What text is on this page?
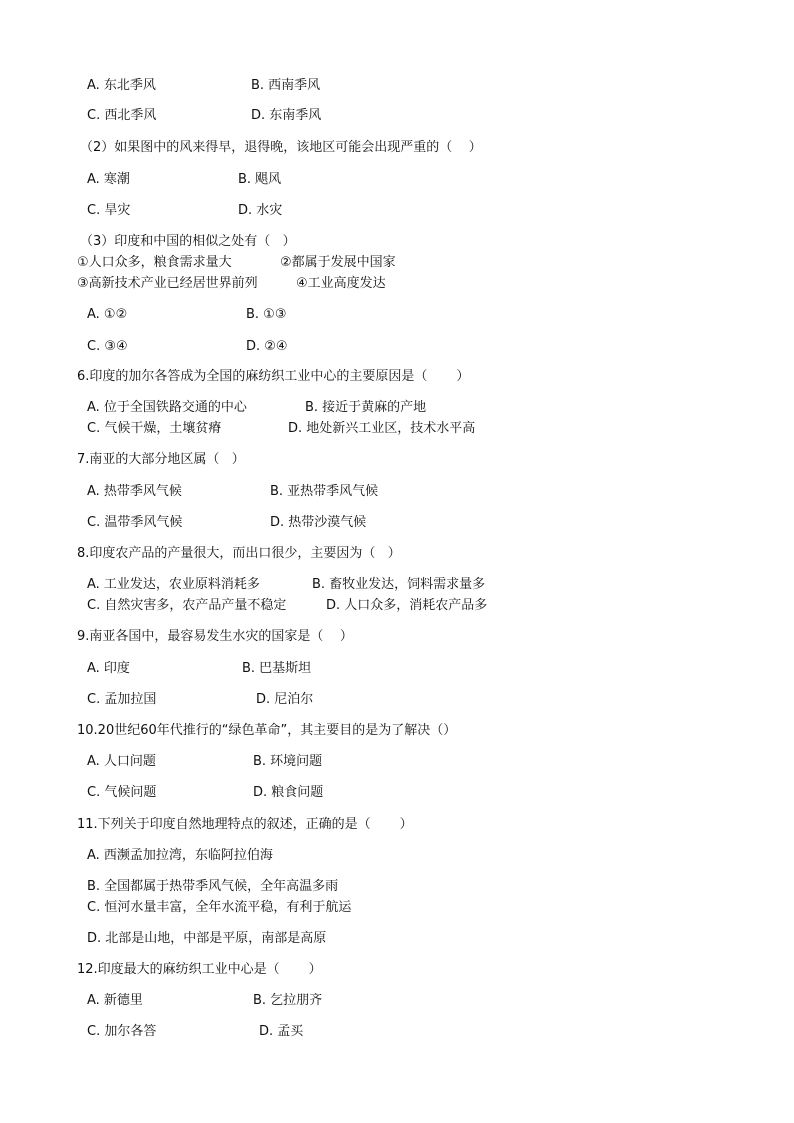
A. 东北季风	B. 西南季风
C. 西北季风	D. 东南季风
（2）如果图中的风来得早，退得晚，该地区可能会出现严重的（    ）
A. 寒潮	B. 飓风
C. 旱灾	D. 水灾
（3）印度和中国的相似之处有（   ）
①人口众多，粮食需求量大	②都属于发展中国家
③高新技术产业已经居世界前列	④工业高度发达
A. ①②	B. ①③
C. ③④	D. ②④
6.印度的加尔各答成为全国的麻纺织工业中心的主要原因是（       ）
A. 位于全国铁路交通的中心	B. 接近于黄麻的产地
C. 气候干燥，土壤贫瘠	D. 地处新兴工业区，技术水平高
7.南亚的大部分地区属（   ）
A. 热带季风气候	B. 亚热带季风气候
C. 温带季风气候	D. 热带沙漠气候
8.印度农产品的产量很大，而出口很少，主要因为（   ）
A. 工业发达，农业原料消耗多	B. 畜牧业发达，饲料需求量多
C. 自然灾害多，农产品产量不稳定	D. 人口众多，消耗农产品多
9.南亚各国中，最容易发生水灾的国家是（    ）
A. 印度	B. 巴基斯坦
C. 孟加拉国	D. 尼泊尔
10.20世纪60年代推行的“绿色革命”，其主要目的是为了解决（）
A. 人口问题	B. 环境问题
C. 气候问题	D. 粮食问题
11.下列关于印度自然地理特点的叙述，正确的是（       ）
A. 西濒孟加拉湾，东临阿拉伯海
B. 全国都属于热带季风气候，全年高温多雨
C. 恒河水量丰富，全年水流平稳，有利于航运
D. 北部是山地，中部是平原，南部是高原
12.印度最大的麻纺织工业中心是（       ）
A. 新德里	B. 乞拉朋齐
C. 加尔各答	D. 孟买
